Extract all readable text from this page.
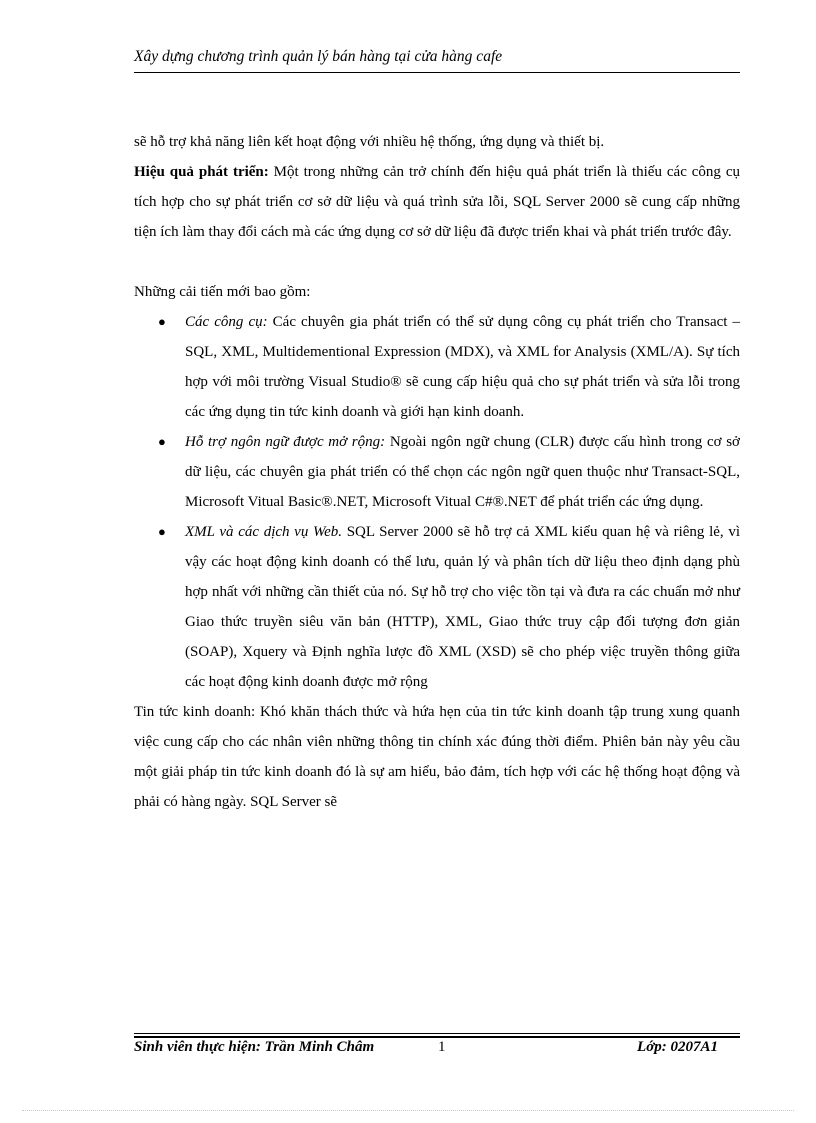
Xây dựng chương trình quản lý bán hàng tại cửa hàng cafe

sẽ hỗ trợ khả năng liên kết hoạt động với nhiều hệ thống, ứng dụng và thiết bị.

Hiệu quả phát triển: Một trong những cản trở chính đến hiệu quả phát triển là thiếu các công cụ tích hợp cho sự phát triển cơ sở dữ liệu và quá trình sửa lỗi, SQL Server 2000 sẽ cung cấp những tiện ích làm thay đổi cách mà các ứng dụng cơ sở dữ liệu đã được triển khai và phát triển trước đây.

Những cải tiến mới bao gồm:

● Các công cụ: Các chuyên gia phát triển có thể sử dụng công cụ phát triển cho Transact – SQL, XML, Multidementional Expression (MDX), và XML for Analysis (XML/A). Sự tích hợp với môi trường Visual Studio® sẽ cung cấp hiệu quả cho sự phát triển và sửa lỗi trong các ứng dụng tin tức kinh doanh và giới hạn kinh doanh.
● Hỗ trợ ngôn ngữ được mở rộng: Ngoài ngôn ngữ chung (CLR) được cấu hình trong cơ sở dữ liệu, các chuyên gia phát triển có thể chọn các ngôn ngữ quen thuộc như Transact-SQL, Microsoft Vitual Basic®.NET, Microsoft Vitual C#®.NET để phát triển các ứng dụng.
● XML và các dịch vụ Web. SQL Server 2000 sẽ hỗ trợ cả XML kiểu quan hệ và riêng lẻ, vì vậy các hoạt động kinh doanh có thể lưu, quản lý và phân tích dữ liệu theo định dạng phù hợp nhất với những cần thiết của nó. Sự hỗ trợ cho việc tồn tại và đưa ra các chuẩn mở như Giao thức truyền siêu văn bản (HTTP), XML, Giao thức truy cập đối tượng đơn giản (SOAP), Xquery và Định nghĩa lược đồ XML (XSD) sẽ cho phép việc truyền thông giữa các hoạt động kinh doanh được mở rộng

Tin tức kinh doanh: Khó khăn thách thức và hứa hẹn của tin tức kinh doanh tập trung xung quanh việc cung cấp cho các nhân viên những thông tin chính xác đúng thời điểm. Phiên bản này yêu cầu một giải pháp tin tức kinh doanh đó là sự am hiểu, bảo đảm, tích hợp với các hệ thống hoạt động và phải có hàng ngày. SQL Server sẽ

Sinh viên thực hiện: Trần Minh Châm	1	Lớp: 0207A1
